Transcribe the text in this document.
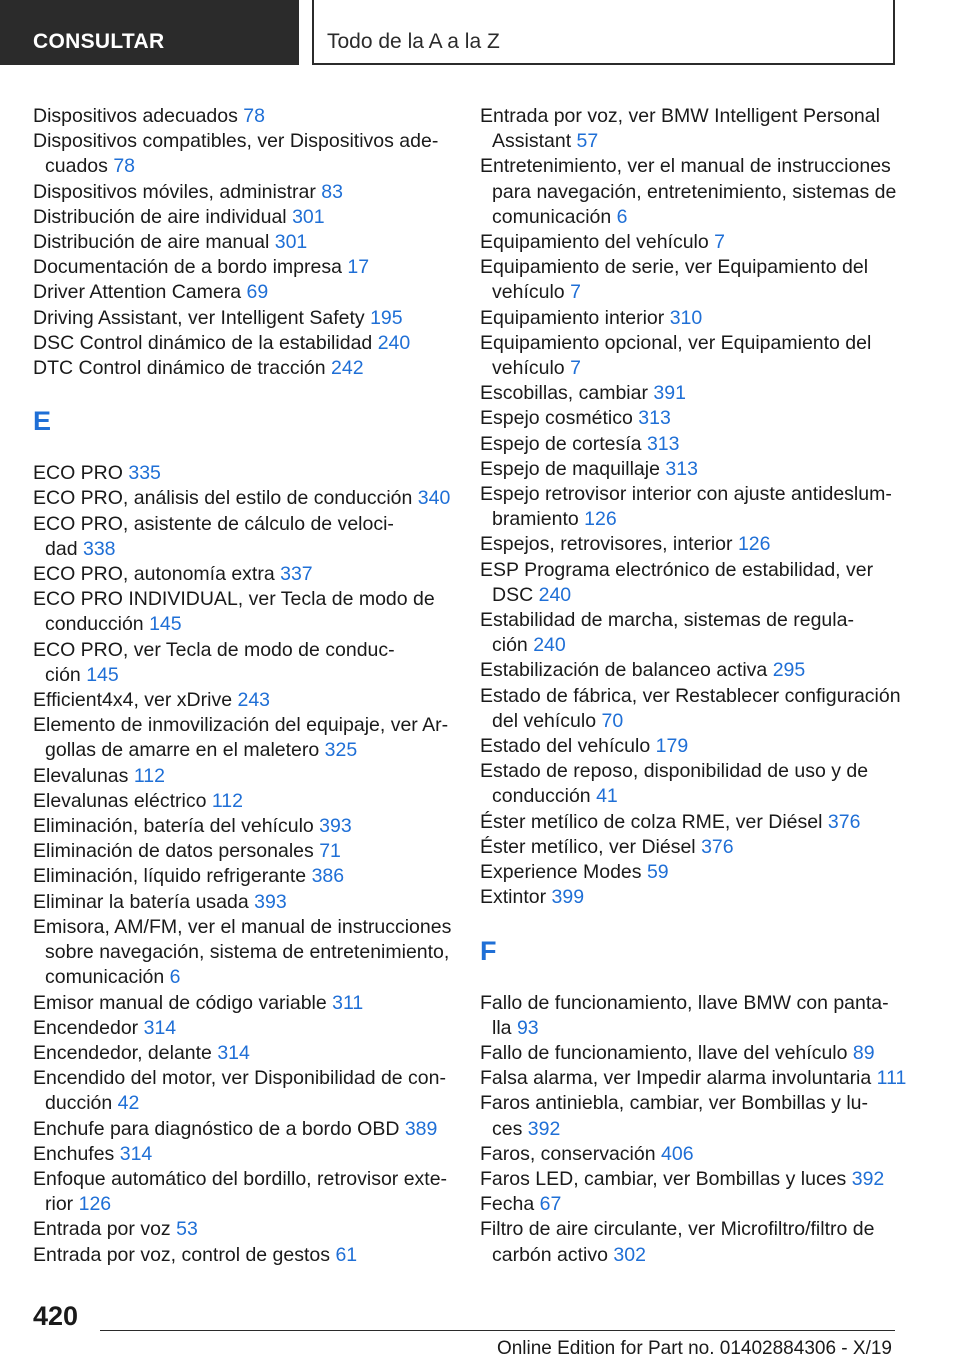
CONSULTAR	Todo de la A a la Z
Dispositivos adecuados 78
Dispositivos compatibles, ver Dispositivos ade-
cuados 78
Dispositivos móviles, administrar 83
Distribución de aire individual 301
Distribución de aire manual 301
Documentación de a bordo impresa 17
Driver Attention Camera 69
Driving Assistant, ver Intelligent Safety 195
DSC Control dinámico de la estabilidad 240
DTC Control dinámico de tracción 242
E
ECO PRO 335
ECO PRO, análisis del estilo de conducción 340
ECO PRO, asistente de cálculo de veloci-
dad 338
ECO PRO, autonomía extra 337
ECO PRO INDIVIDUAL, ver Tecla de modo de
conducción 145
ECO PRO, ver Tecla de modo de conduc-
ción 145
Efficient4x4, ver xDrive 243
Elemento de inmovilización del equipaje, ver Ar-
gollas de amarre en el maletero 325
Elevalunas 112
Elevalunas eléctrico 112
Eliminación, batería del vehículo 393
Eliminación de datos personales 71
Eliminación, líquido refrigerante 386
Eliminar la batería usada 393
Emisora, AM/FM, ver el manual de instrucciones
sobre navegación, sistema de entretenimiento,
comunicación 6
Emisor manual de código variable 311
Encendedor 314
Encendedor, delante 314
Encendido del motor, ver Disponibilidad de con-
ducción 42
Enchufe para diagnóstico de a bordo OBD 389
Enchufes 314
Enfoque automático del bordillo, retrovisor exte-
rior 126
Entrada por voz 53
Entrada por voz, control de gestos 61
Entrada por voz, ver BMW Intelligent Personal
Assistant 57
Entretenimiento, ver el manual de instrucciones
para navegación, entretenimiento, sistemas de
comunicación 6
Equipamiento del vehículo 7
Equipamiento de serie, ver Equipamiento del
vehículo 7
Equipamiento interior 310
Equipamiento opcional, ver Equipamiento del
vehículo 7
Escobillas, cambiar 391
Espejo cosmético 313
Espejo de cortesía 313
Espejo de maquillaje 313
Espejo retrovisor interior con ajuste antideslum-
bramiento 126
Espejos, retrovisores, interior 126
ESP Programa electrónico de estabilidad, ver
DSC 240
Estabilidad de marcha, sistemas de regula-
ción 240
Estabilización de balanceo activa 295
Estado de fábrica, ver Restablecer configuración
del vehículo 70
Estado del vehículo 179
Estado de reposo, disponibilidad de uso y de
conducción 41
Éster metílico de colza RME, ver Diésel 376
Éster metílico, ver Diésel 376
Experience Modes 59
Extintor 399
F
Fallo de funcionamiento, llave BMW con panta-
lla 93
Fallo de funcionamiento, llave del vehículo 89
Falsa alarma, ver Impedir alarma involuntaria 111
Faros antiniebla, cambiar, ver Bombillas y lu-
ces 392
Faros, conservación 406
Faros LED, cambiar, ver Bombillas y luces 392
Fecha 67
Filtro de aire circulante, ver Microfiltro/filtro de
carbón activo 302
420
Online Edition for Part no. 01402884306 - X/19
